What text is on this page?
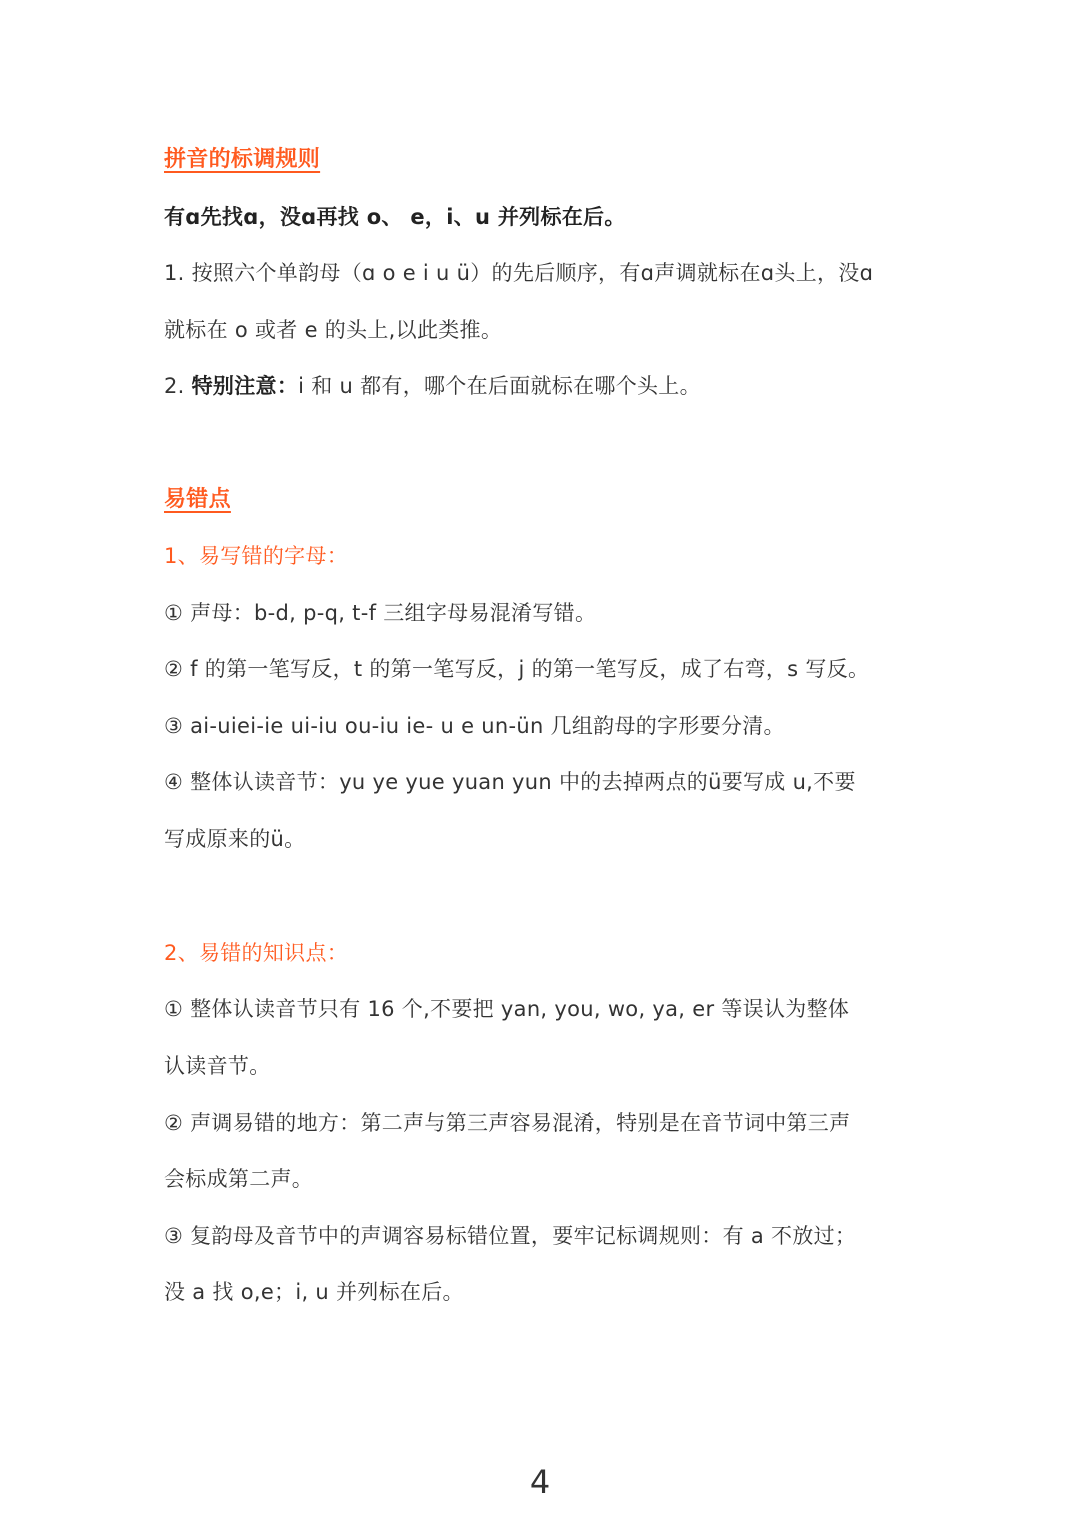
拼音的标调规则
有ɑ先找ɑ，没ɑ再找 o、 e，i、u 并列标在后。
1. 按照六个单韵母（ɑ o e i u ü）的先后顺序，有ɑ声调就标在ɑ头上，没ɑ
就标在 o 或者 e 的头上,以此类推。
2. 特别注意：i 和 u 都有，哪个在后面就标在哪个头上。
易错点
1、易写错的字母：
① 声母：b-d, p-q, t-f 三组字母易混淆写错。
② f 的第一笔写反，t 的第一笔写反，j 的第一笔写反，成了右弯，s 写反。
③ ai-uiei-ie ui-iu ou-iu ie- u e un-ün 几组韵母的字形要分清。
④ 整体认读音节：yu ye yue yuan yun 中的去掉两点的ü要写成 u,不要
写成原来的ü。
2、易错的知识点：
① 整体认读音节只有 16 个,不要把 yan, you, wo, ya, er 等误认为整体
认读音节。
② 声调易错的地方：第二声与第三声容易混淆，特别是在音节词中第三声
会标成第二声。
③ 复韵母及音节中的声调容易标错位置，要牢记标调规则：有 a 不放过；
没 a 找 o,e；i, u 并列标在后。
4
